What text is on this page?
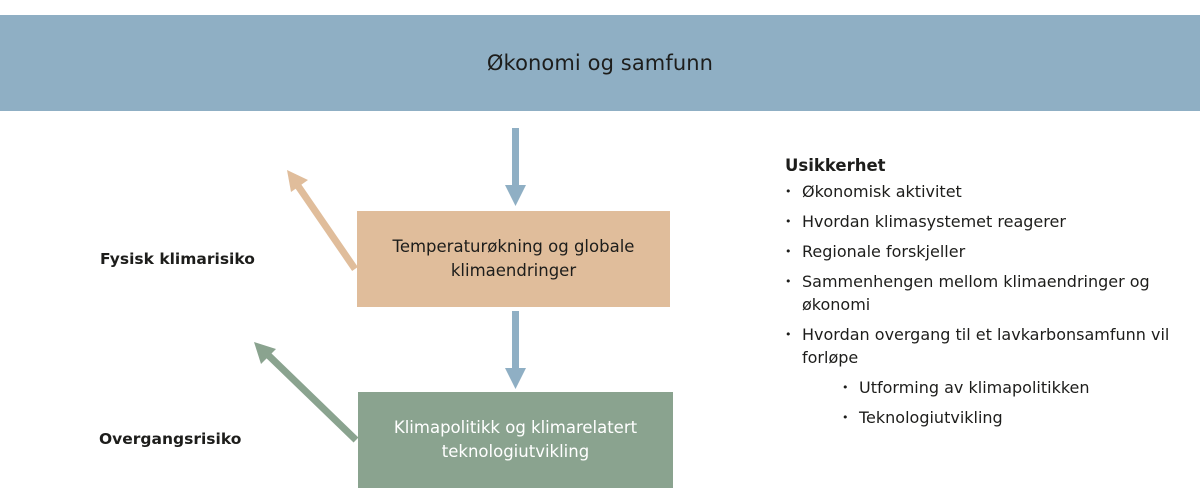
Økonomi og samfunn
Temperaturøkning og globale klimaendringer
Klimapolitikk og klimarelatert teknologiutvikling
Fysisk klimarisiko
Overgangsrisiko
Usikkerhet
• Økonomisk aktivitet
• Hvordan klimasystemet reagerer
• Regionale forskjeller
• Sammenhengen mellom klimaendringer og økonomi
• Hvordan overgang til et lavkarbonsamfunn vil forløpe
• Utforming av klimapolitikken
• Teknologiutvikling
